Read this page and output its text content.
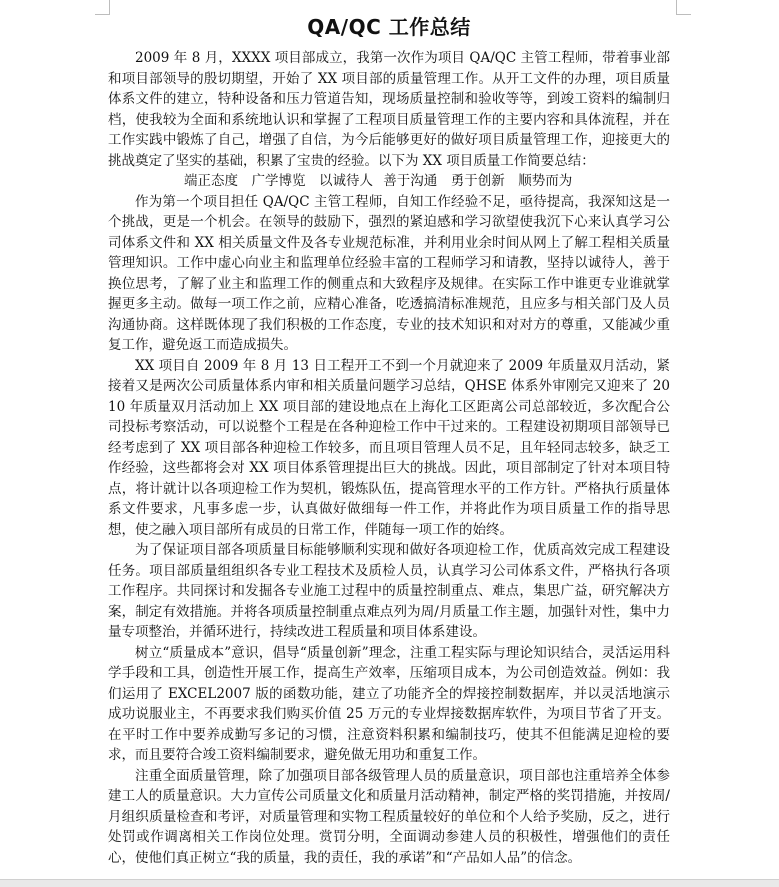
QA/QC 工作总结

2009 年 8 月，XXXX 项目部成立，我第一次作为项目 QA/QC 主管工程师，带着事业部和项目部领导的殷切期望，开始了 XX 项目部的质量管理工作。从开工文件的办理，项目质量体系文件的建立，特种设备和压力管道告知，现场质量控制和验收等等，到竣工资料的编制归档，使我较为全面和系统地认识和掌握了工程项目质量管理工作的主要内容和具体流程，并在工作实践中锻炼了自己，增强了自信，为今后能够更好的做好项目质量管理工作，迎接更大的挑战奠定了坚实的基础，积累了宝贵的经验。以下为 XX 项目质量工作简要总结：

端正态度　广学博览　以诚待人 善于沟通　勇于创新　顺势而为

作为第一个项目担任 QA/QC 主管工程师，自知工作经验不足，亟待提高，我深知这是一个挑战，更是一个机会。在领导的鼓励下，强烈的紧迫感和学习欲望使我沉下心来认真学习公司体系文件和 XX 相关质量文件及各专业规范标准，并利用业余时间从网上了解工程相关质量管理知识。工作中虚心向业主和监理单位经验丰富的工程师学习和请教，坚持以诚待人，善于换位思考，了解了业主和监理工作的侧重点和大致程序及规律。在实际工作中谁更专业谁就掌握更多主动。做每一项工作之前，应精心准备，吃透搞清标准规范，且应多与相关部门及人员沟通协商。这样既体现了我们积极的工作态度，专业的技术知识和对对方的尊重，又能减少重复工作，避免返工而造成损失。

XX 项目自 2009 年 8 月 13 日工程开工不到一个月就迎来了 2009 年质量双月活动，紧接着又是两次公司质量体系内审和相关质量问题学习总结，QHSE 体系外审刚完又迎来了 2010 年质量双月活动加上 XX 项目部的建设地点在上海化工区距离公司总部较近，多次配合公司投标考察活动，可以说整个工程是在各种迎检工作中干过来的。工程建设初期项目部领导已经考虑到了 XX 项目部各种迎检工作较多，而且项目管理人员不足，且年轻同志较多，缺乏工作经验，这些都将会对 XX 项目体系管理提出巨大的挑战。因此，项目部制定了针对本项目特点，将计就计以各项迎检工作为契机，锻炼队伍，提高管理水平的工作方针。严格执行质量体系文件要求，凡事多虑一步，认真做好做细每一件工作，并将此作为项目质量工作的指导思想，使之融入项目部所有成员的日常工作，伴随每一项工作的始终。

为了保证项目部各项质量目标能够顺利实现和做好各项迎检工作，优质高效完成工程建设任务。项目部质量组组织各专业工程技术及质检人员，认真学习公司体系文件，严格执行各项工作程序。共同探讨和发掘各专业施工过程中的质量控制重点、难点，集思广益，研究解决方案，制定有效措施。并将各项质量控制重点难点列为周/月质量工作主题，加强针对性，集中力量专项整治，并循环进行，持续改进工程质量和项目体系建设。

树立“质量成本”意识，倡导“质量创新”理念，注重工程实际与理论知识结合，灵活运用科学手段和工具，创造性开展工作，提高生产效率，压缩项目成本，为公司创造效益。例如：我们运用了 EXCEL2007 版的函数功能，建立了功能齐全的焊接控制数据库，并以灵活地演示成功说服业主，不再要求我们购买价值 25 万元的专业焊接数据库软件，为项目节省了开支。在平时工作中要养成勤写多记的习惯，注意资料积累和编制技巧，使其不但能满足迎检的要求，而且要符合竣工资料编制要求，避免做无用功和重复工作。

注重全面质量管理，除了加强项目部各级管理人员的质量意识，项目部也注重培养全体参建工人的质量意识。大力宣传公司质量文化和质量月活动精神，制定严格的奖罚措施，并按周/月组织质量检查和考评，对质量管理和实物工程质量较好的单位和个人给予奖励，反之，进行处罚或作调离相关工作岗位处理。赏罚分明，全面调动参建人员的积极性，增强他们的责任心，使他们真正树立“我的质量，我的责任，我的承诺”和“产品如人品”的信念。
